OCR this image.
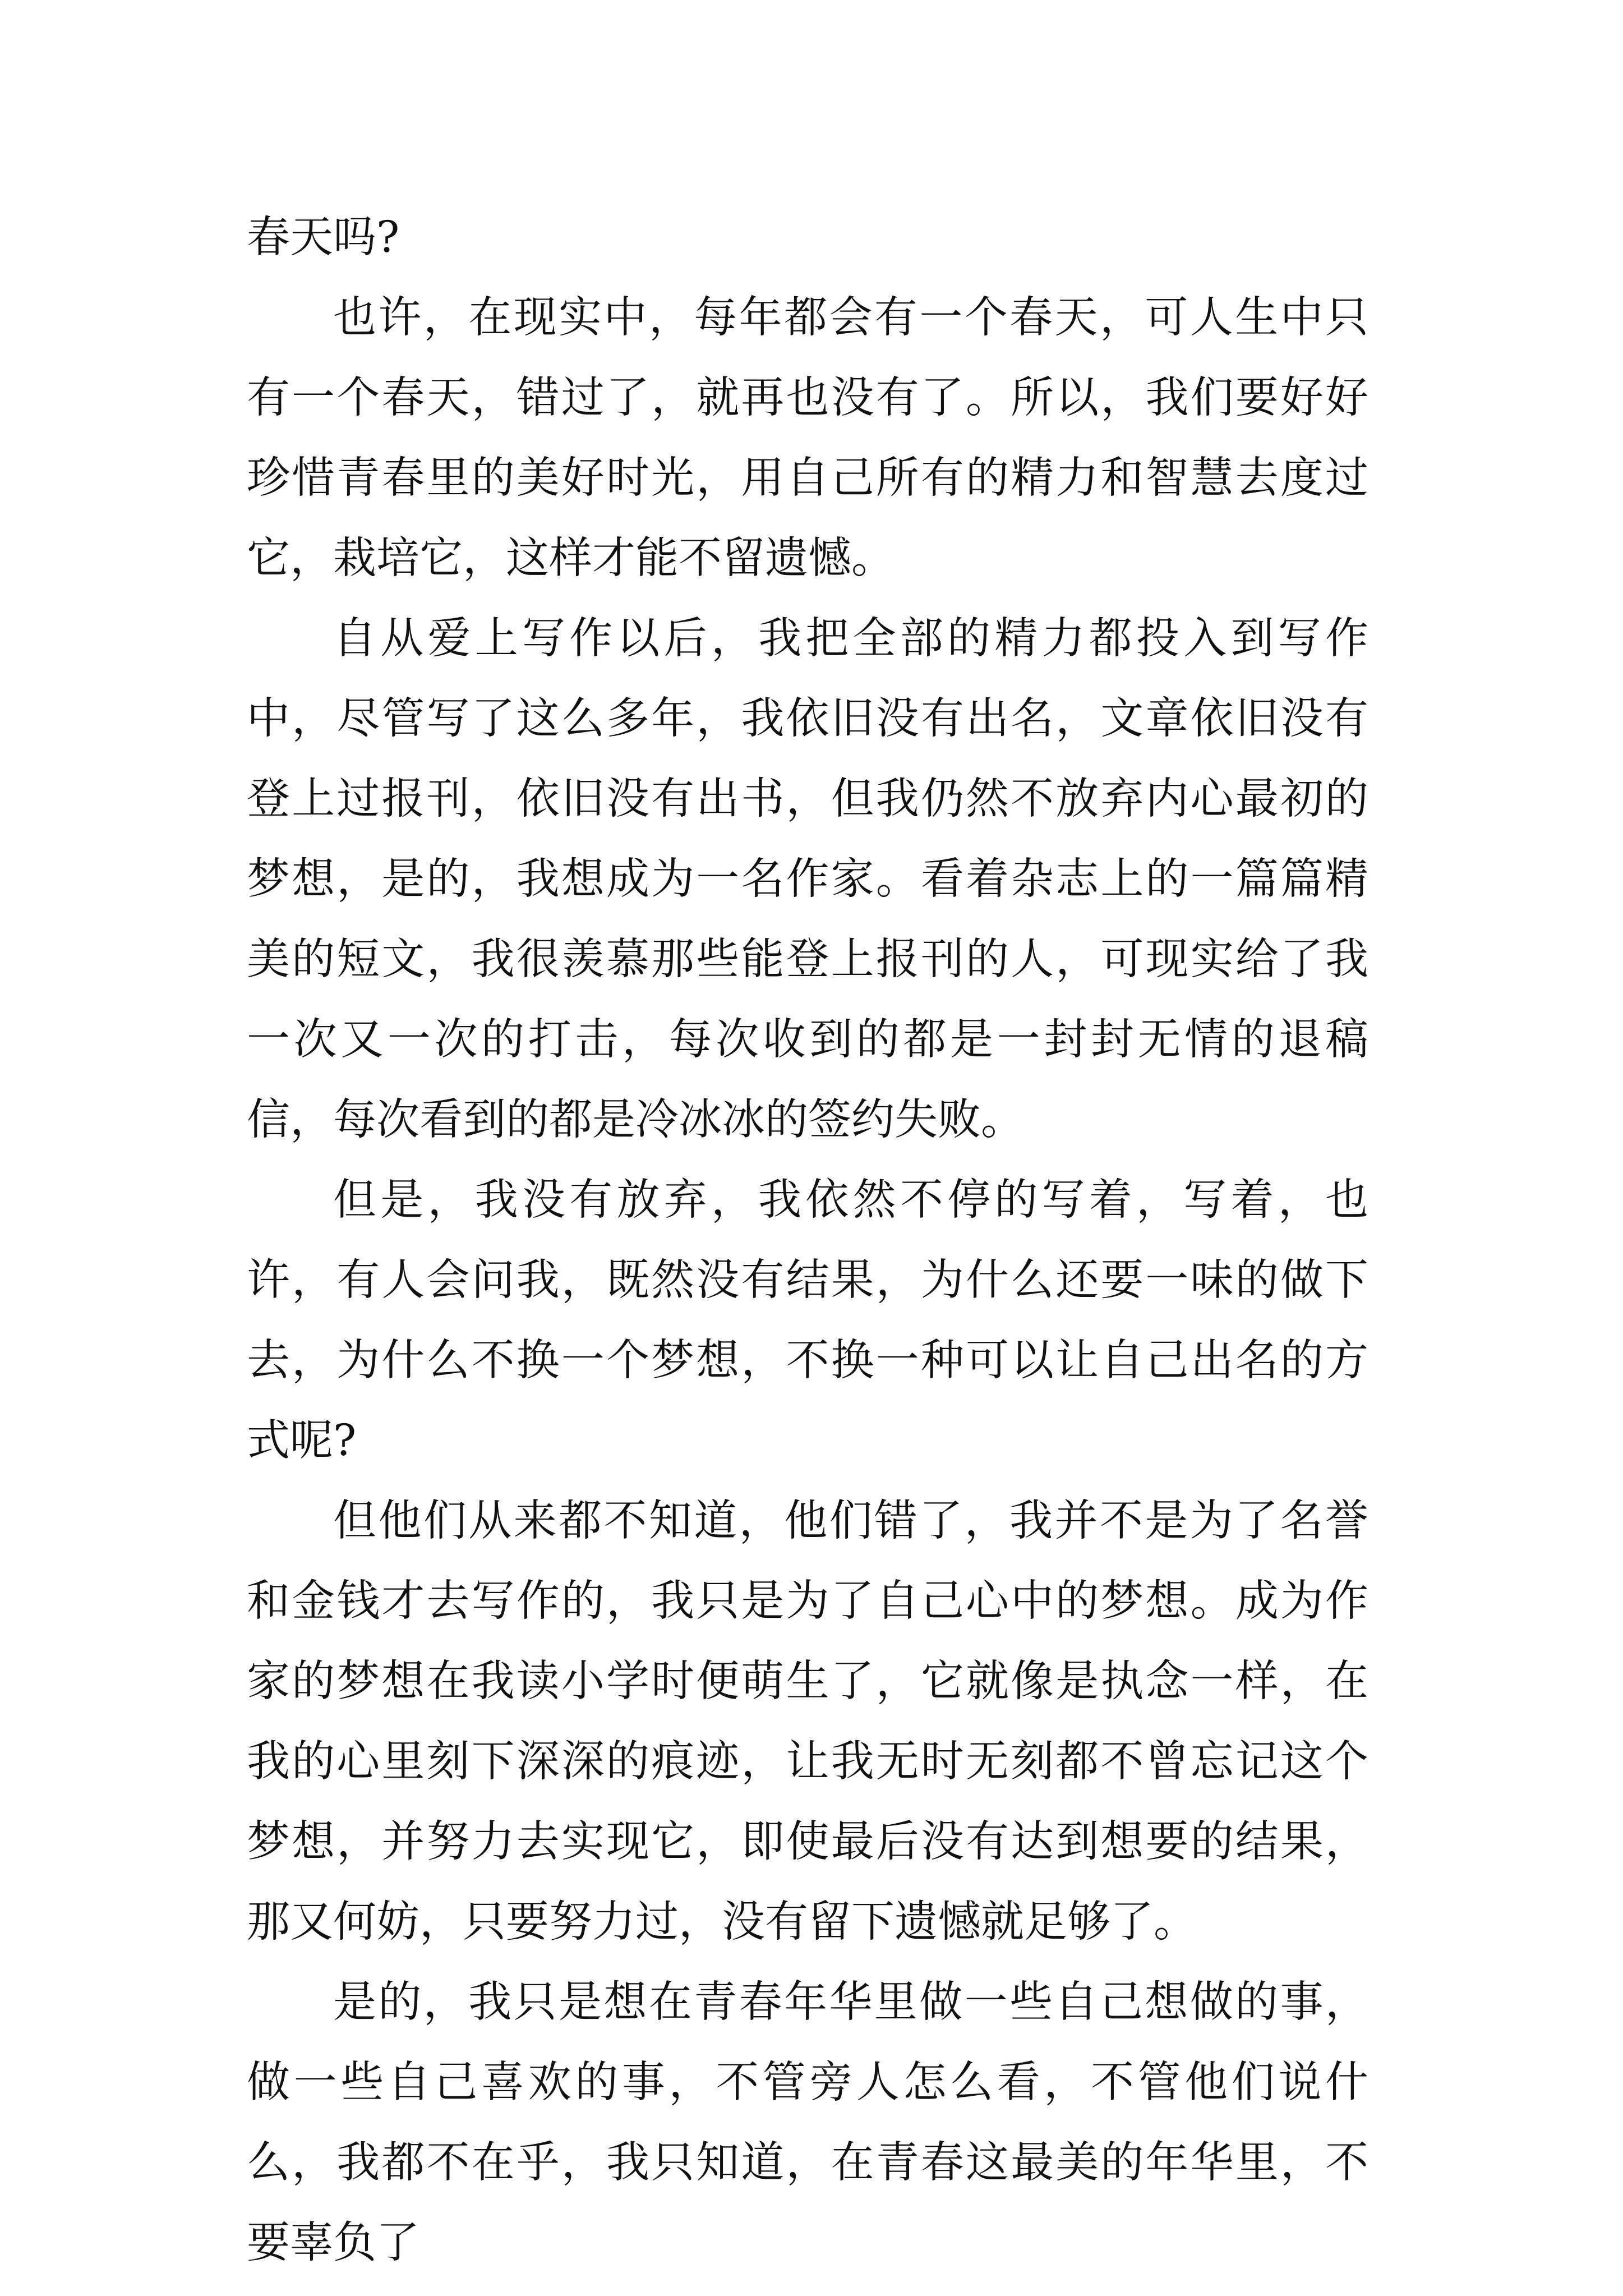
春天吗?

也许，在现实中，每年都会有一个春天，可人生中只有一个春天，错过了，就再也没有了。所以，我们要好好珍惜青春里的美好时光，用自己所有的精力和智慧去度过它，栽培它，这样才能不留遗憾。

自从爱上写作以后，我把全部的精力都投入到写作中，尽管写了这么多年，我依旧没有出名，文章依旧没有登上过报刊，依旧没有出书，但我仍然不放弃内心最初的梦想，是的，我想成为一名作家。看着杂志上的一篇篇精美的短文，我很羡慕那些能登上报刊的人，可现实给了我一次又一次的打击，每次收到的都是一封封无情的退稿信，每次看到的都是冷冰冰的签约失败。

但是，我没有放弃，我依然不停的写着，写着，也许，有人会问我，既然没有结果，为什么还要一味的做下去，为什么不换一个梦想，不换一种可以让自己出名的方式呢?

但他们从来都不知道，他们错了，我并不是为了名誉和金钱才去写作的，我只是为了自己心中的梦想。成为作家的梦想在我读小学时便萌生了，它就像是执念一样，在我的心里刻下深深的痕迹，让我无时无刻都不曾忘记这个梦想，并努力去实现它，即使最后没有达到想要的结果，那又何妨，只要努力过，没有留下遗憾就足够了。

是的，我只是想在青春年华里做一些自己想做的事，做一些自己喜欢的事，不管旁人怎么看，不管他们说什么，我都不在乎，我只知道，在青春这最美的年华里，不要辜负了
